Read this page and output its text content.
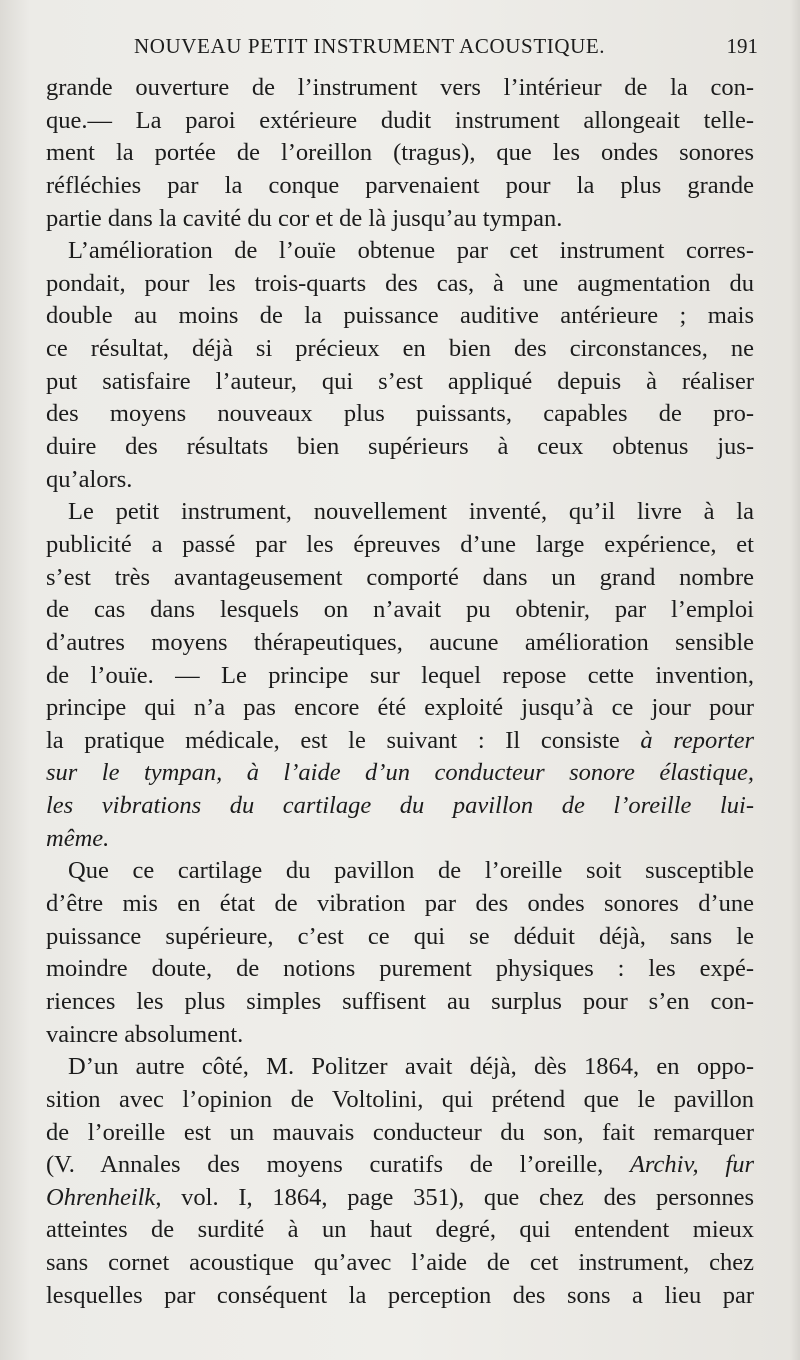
NOUVEAU PETIT INSTRUMENT ACOUSTIQUE.	191
grande ouverture de l’instrument vers l’intérieur de la con-
que.— La paroi extérieure dudit instrument allongeait telle-
ment la portée de l’oreillon (tragus), que les ondes sonores
réfléchies par la conque parvenaient pour la plus grande
partie dans la cavité du cor et de là jusqu’au tympan.
L’amélioration de l’ouïe obtenue par cet instrument corres-
pondait, pour les trois-quarts des cas, à une augmentation du
double au moins de la puissance auditive antérieure ; mais
ce résultat, déjà si précieux en bien des circonstances, ne
put satisfaire l’auteur, qui s’est appliqué depuis à réaliser
des moyens nouveaux plus puissants, capables de pro-
duire des résultats bien supérieurs à ceux obtenus jus-
qu’alors.
Le petit instrument, nouvellement inventé, qu’il livre à la
publicité a passé par les épreuves d’une large expérience, et
s’est très avantageusement comporté dans un grand nombre
de cas dans lesquels on n’avait pu obtenir, par l’emploi
d’autres moyens thérapeutiques, aucune amélioration sensible
de l’ouïe. — Le principe sur lequel repose cette invention,
principe qui n’a pas encore été exploité jusqu’à ce jour pour
la pratique médicale, est le suivant : Il consiste à reporter
sur le tympan, à l’aide d’un conducteur sonore élastique,
les vibrations du cartilage du pavillon de l’oreille lui-
même.
Que ce cartilage du pavillon de l’oreille soit susceptible
d’être mis en état de vibration par des ondes sonores d’une
puissance supérieure, c’est ce qui se déduit déjà, sans le
moindre doute, de notions purement physiques : les expé-
riences les plus simples suffisent au surplus pour s’en con-
vaincre absolument.
D’un autre côté, M. Politzer avait déjà, dès 1864, en oppo-
sition avec l’opinion de Voltolini, qui prétend que le pavillon
de l’oreille est un mauvais conducteur du son, fait remarquer
(V. Annales des moyens curatifs de l’oreille, Archiv, fur
Ohrenheilk, vol. I, 1864, page 351), que chez des personnes
atteintes de surdité à un haut degré, qui entendent mieux
sans cornet acoustique qu’avec l’aide de cet instrument, chez
lesquelles par conséquent la perception des sons a lieu par
